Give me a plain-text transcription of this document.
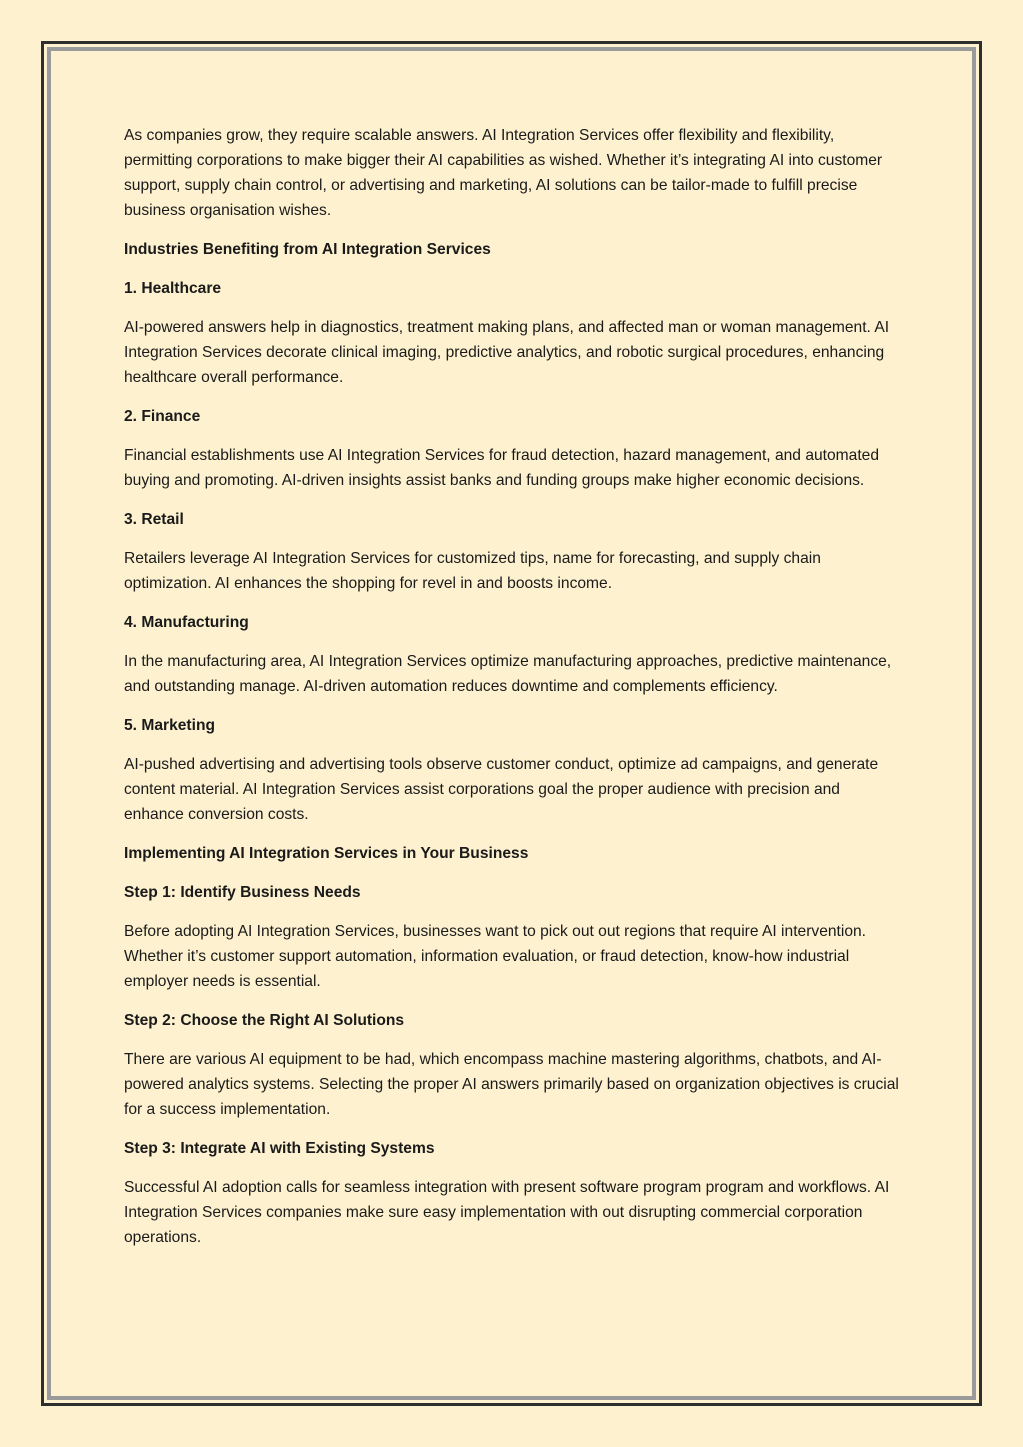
As companies grow, they require scalable answers. AI Integration Services offer flexibility and flexibility, permitting corporations to make bigger their AI capabilities as wished. Whether it’s integrating AI into customer support, supply chain control, or advertising and marketing, AI solutions can be tailor-made to fulfill precise business organisation wishes.

Industries Benefiting from AI Integration Services

1. Healthcare

AI-powered answers help in diagnostics, treatment making plans, and affected man or woman management. AI Integration Services decorate clinical imaging, predictive analytics, and robotic surgical procedures, enhancing healthcare overall performance.

2. Finance

Financial establishments use AI Integration Services for fraud detection, hazard management, and automated buying and promoting. AI-driven insights assist banks and funding groups make higher economic decisions.

3. Retail

Retailers leverage AI Integration Services for customized tips, name for forecasting, and supply chain optimization. AI enhances the shopping for revel in and boosts income.

4. Manufacturing

In the manufacturing area, AI Integration Services optimize manufacturing approaches, predictive maintenance, and outstanding manage. AI-driven automation reduces downtime and complements efficiency.

5. Marketing

AI-pushed advertising and advertising tools observe customer conduct, optimize ad campaigns, and generate content material. AI Integration Services assist corporations goal the proper audience with precision and enhance conversion costs.

Implementing AI Integration Services in Your Business

Step 1: Identify Business Needs

Before adopting AI Integration Services, businesses want to pick out out regions that require AI intervention. Whether it’s customer support automation, information evaluation, or fraud detection, know-how industrial employer needs is essential.

Step 2: Choose the Right AI Solutions

There are various AI equipment to be had, which encompass machine mastering algorithms, chatbots, and AI-powered analytics systems. Selecting the proper AI answers primarily based on organization objectives is crucial for a success implementation.

Step 3: Integrate AI with Existing Systems

Successful AI adoption calls for seamless integration with present software program program and workflows. AI Integration Services companies make sure easy implementation with out disrupting commercial corporation operations.
